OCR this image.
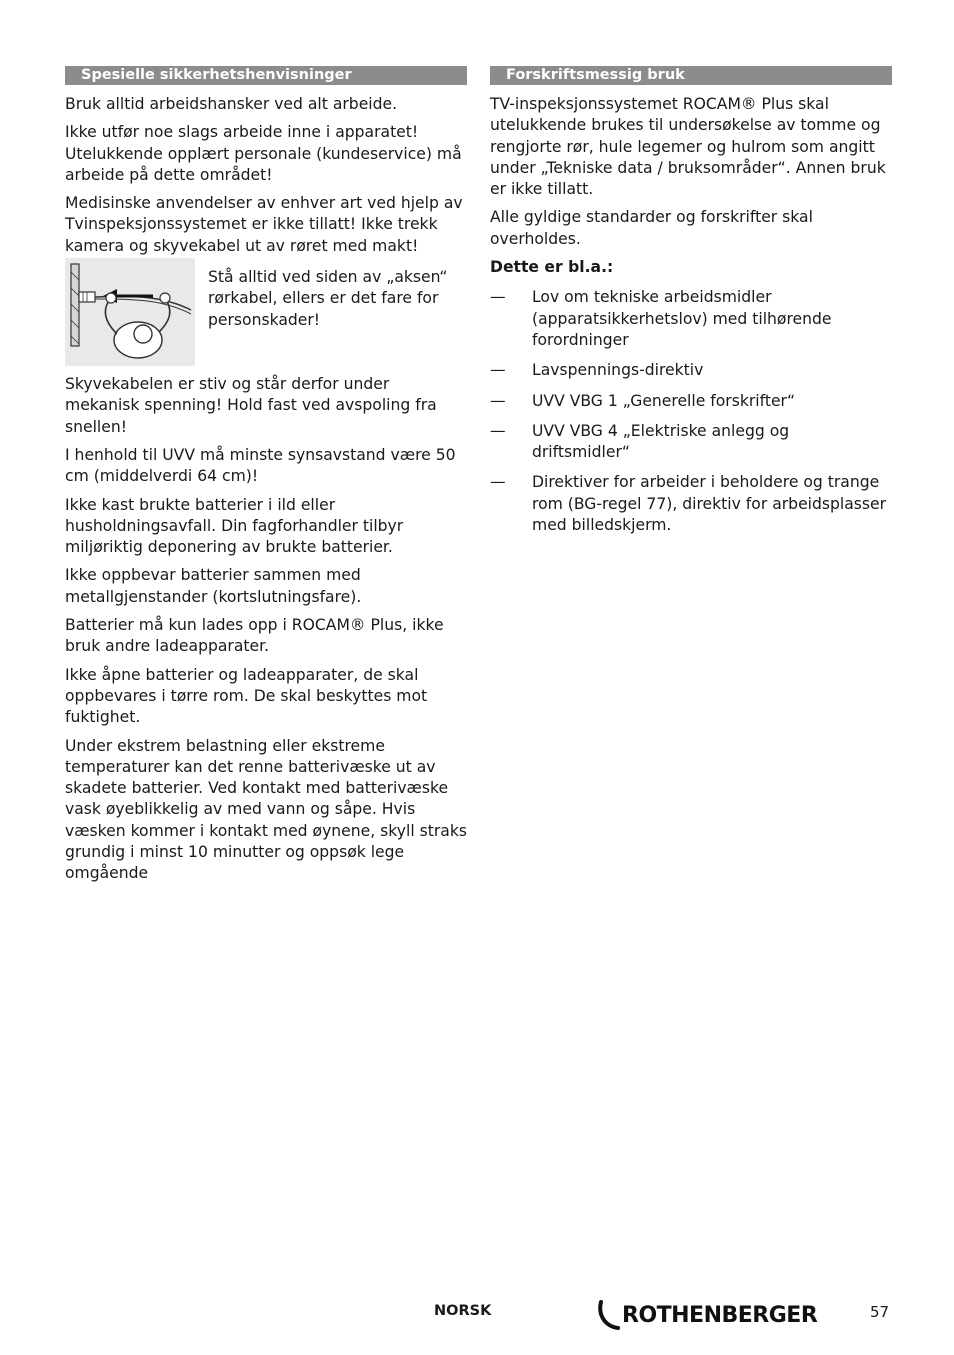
Spesielle sikkerhetshenvisninger

Bruk alltid arbeidshansker ved alt arbeide.

Ikke utfør noe slags arbeide inne i apparatet! Utelukkende opplært personale (kundeservice) må arbeide på dette området!

Medisinske anvendelser av enhver art ved hjelp av Tvinspeksjonssystemet er ikke tillatt! Ikke trekk kamera og skyvekabel ut av røret med makt!

Stå alltid ved siden av „aksen“ rørkabel, ellers er det fare for personskader!

Skyvekabelen er stiv og står derfor under mekanisk spenning! Hold fast ved avspoling fra snellen!

I henhold til UVV må minste synsavstand være 50 cm (middelverdi 64 cm)!

Ikke kast brukte batterier i ild eller husholdningsavfall. Din fagforhandler tilbyr miljøriktig deponering av brukte batterier.

Ikke oppbevar batterier sammen med metallgjenstander (kortslutningsfare).

Batterier må kun lades opp i ROCAM® Plus, ikke bruk andre ladeapparater.

Ikke åpne batterier og ladeapparater, de skal oppbevares i tørre rom. De skal beskyttes mot fuktighet.

Under ekstrem belastning eller ekstreme temperaturer kan det renne batterivæske ut av skadete batterier. Ved kontakt med batterivæske vask øyeblikkelig av med vann og såpe. Hvis væsken kommer i kontakt med øynene, skyll straks grundig i minst 10 minutter og oppsøk lege omgående

Forskriftsmessig bruk

TV-inspeksjonssystemet ROCAM® Plus skal utelukkende brukes til undersøkelse av tomme og rengjorte rør, hule legemer og hulrom som angitt under „Tekniske data / bruksområder“. Annen bruk er ikke tillatt.

Alle gyldige standarder og forskrifter skal overholdes.

Dette er bl.a.:

—	Lov om tekniske arbeidsmidler (apparatsikkerhetslov) med tilhørende forordninger
—	Lavspennings-direktiv
—	UVV VBG 1 „Generelle forskrifter“
—	UVV VBG 4 „Elektriske anlegg og driftsmidler“
—	Direktiver for arbeider i beholdere og trange rom (BG-regel 77), direktiv for arbeidsplasser med billedskjerm.
NORSK	ROTHENBERGER	57
